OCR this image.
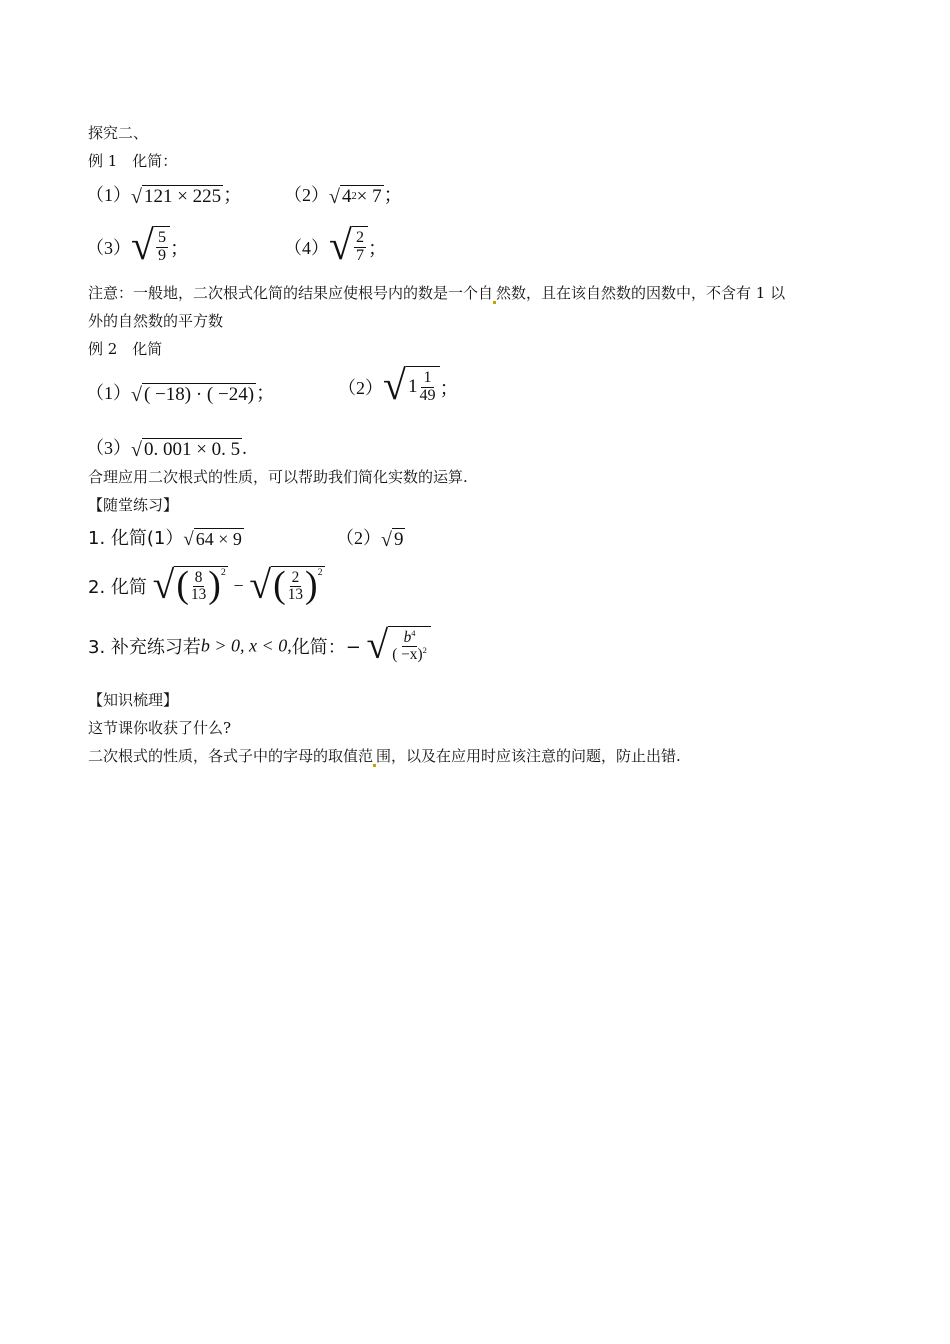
探究二、
例 1　化简：
（1） √ 121 × 225 ； （2） √ 4 2 × 7 ；
（3） √ $\frac{5}{9}$ ；	（4） √ $\frac{2}{7}$ ；
注意：一般地，二次根式化简的结果应使根号内的数是一个自 然数，且在该自然数的因数中，不含有 1 以
外的自然数的平方数
例 2　化简
（1） √ ( −18) · ( −24) ；	（2） √ $1 \frac{1}{49}$ ；
（3） √ 0. 001 × 0. 5 .
合理应用二次根式的性质，可以帮助我们简化实数的运算.
【随堂练习】
1. 化简(1） √ 64 × 9	（2） √ 9
2. 化简 √ ( $\frac{8}{13} )^2$
− √ ( $\frac{2}{13} )^2$
3. 补充练习若b > 0, x < 0,化简：− √ $\frac{b^4}{( -x)^2}$
【知识梳理】
这节课你收获了什么?
二次根式的性质，各式子中的字母的取值范 围，以及在应用时应该注意的问题，防止出错.
